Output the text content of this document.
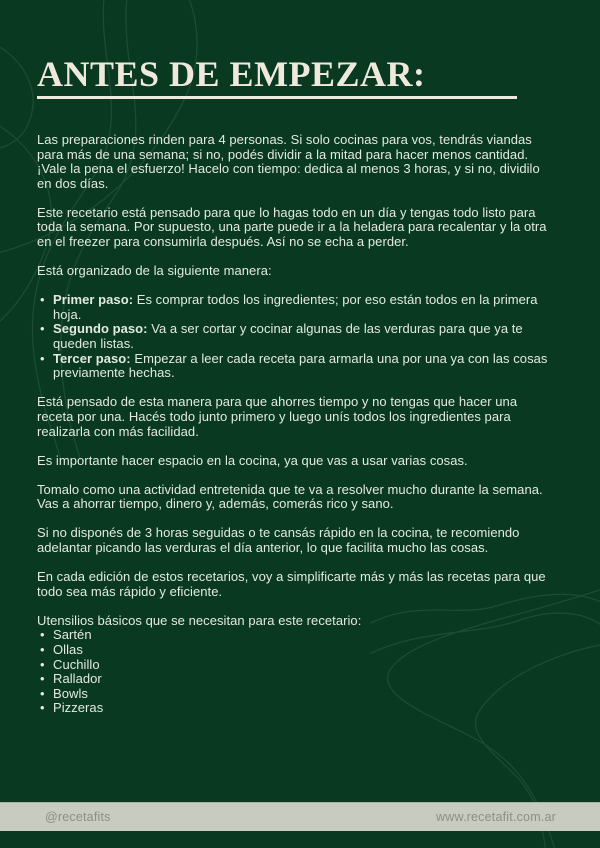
ANTES DE EMPEZAR:

Las preparaciones rinden para 4 personas. Si solo cocinas para vos, tendrás viandas para más de una semana; si no, podés dividir a la mitad para hacer menos cantidad. ¡Vale la pena el esfuerzo! Hacelo con tiempo: dedica al menos 3 horas, y si no, dividilo en dos días.

Este recetario está pensado para que lo hagas todo en un día y tengas todo listo para toda la semana. Por supuesto, una parte puede ir a la heladera para recalentar y la otra en el freezer para consumirla después. Así no se echa a perder.

Está organizado de la siguiente manera:

• Primer paso: Es comprar todos los ingredientes; por eso están todos en la primera hoja.
• Segundo paso: Va a ser cortar y cocinar algunas de las verduras para que ya te queden listas.
• Tercer paso: Empezar a leer cada receta para armarla una por una ya con las cosas previamente hechas.

Está pensado de esta manera para que ahorres tiempo y no tengas que hacer una receta por una. Hacés todo junto primero y luego unís todos los ingredientes para realizarla con más facilidad.

Es importante hacer espacio en la cocina, ya que vas a usar varias cosas.

Tomalo como una actividad entretenida que te va a resolver mucho durante la semana. Vas a ahorrar tiempo, dinero y, además, comerás rico y sano.

Si no disponés de 3 horas seguidas o te cansás rápido en la cocina, te recomiendo adelantar picando las verduras el día anterior, lo que facilita mucho las cosas.

En cada edición de estos recetarios, voy a simplificarte más y más las recetas para que todo sea más rápido y eficiente.

Utensilios básicos que se necesitan para este recetario:

• Sartén
• Ollas
• Cuchillo
• Rallador
• Bowls
• Pizzeras
@recetafits	www.recetafit.com.ar
